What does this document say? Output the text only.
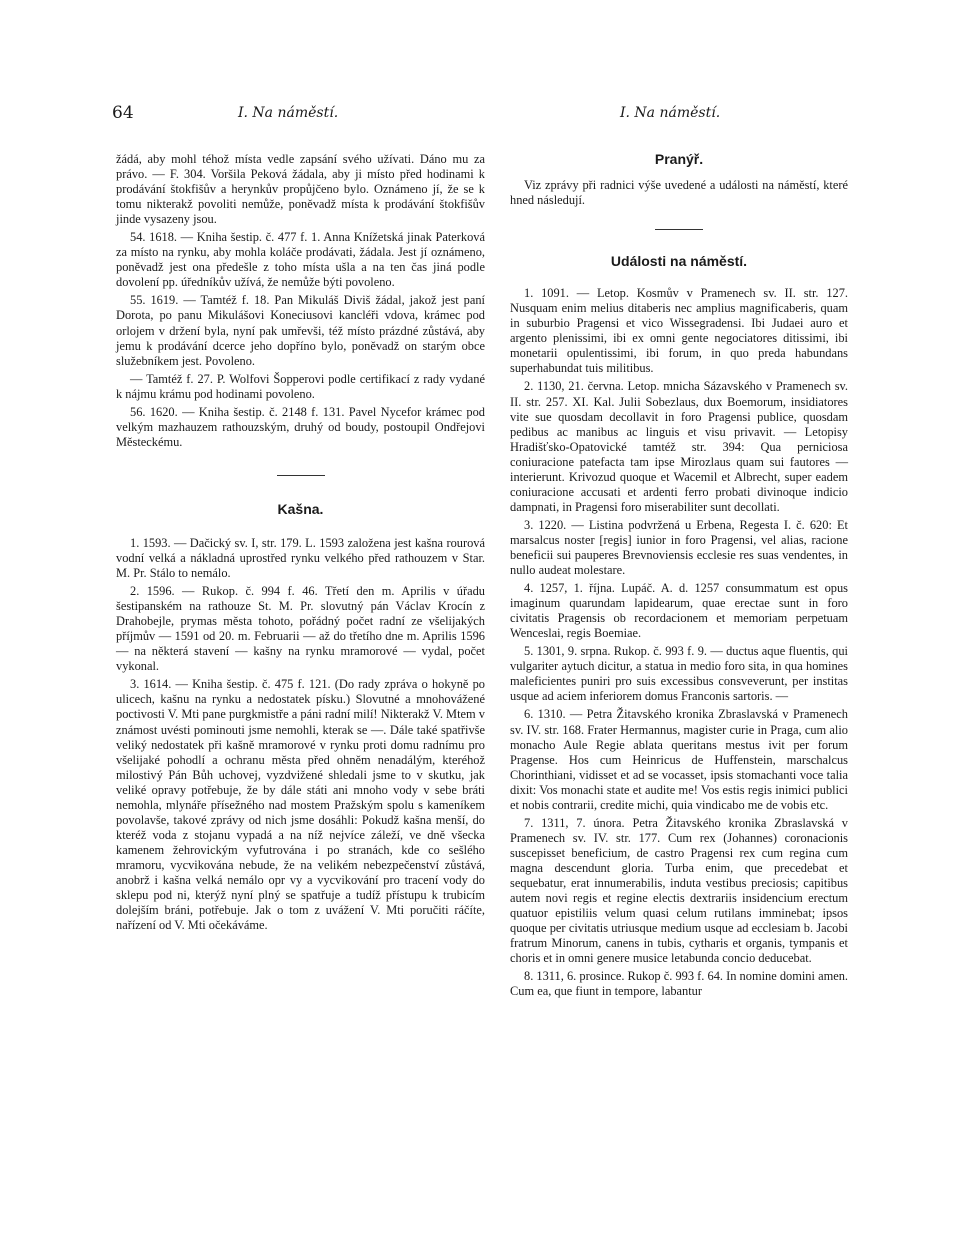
64	I. Na náměstí.	I. Na náměstí.

žádá, aby mohl téhož místa vedle zapsání svého užívati. Dáno mu za právo. — F. 304. Voršila Peková žádala, aby ji místo před hodinami k prodávání štokfišův a herynkův propůjčeno bylo. Oznámeno jí, že se k tomu nikterakž povoliti nemůže, poněvadž místa k prodávání štokfišův jinde vysazeny jsou.

54. 1618. — Kniha šestip. č. 477 f. 1. Anna Knížetská jinak Paterková za místo na rynku, aby mohla koláče prodávati, žádala. Jest jí oznámeno, poněvadž jest ona předešle z toho místa ušla a na ten čas jiná podle dovolení pp. úředníkův užívá, že nemůže býti povoleno.

55. 1619. — Tamtéž f. 18. Pan Mikuláš Diviš žádal, jakož jest paní Dorota, po panu Mikulášovi Koneciusovi kancléři vdova, krámec pod orlojem v držení byla, nyní pak umřevši, též místo prázdné zůstává, aby jemu k prodávání dcerce jeho dopříno bylo, poněvadž on starým obce služebníkem jest. Povoleno.

— Tamtéž f. 27. P. Wolfovi Šopperovi podle certifikací z rady vydané k nájmu krámu pod hodinami povoleno.

56. 1620. — Kniha šestip. č. 2148 f. 131. Pavel Nycefor krámec pod velkým mazhauzem rathouzským, druhý od boudy, postoupil Ondřejovi Městeckému.

Kašna.

1. 1593. — Dačický sv. I, str. 179. L. 1593 založena jest kašna rourová vodní velká a nákladná uprostřed rynku velkého před rathouzem v Star. M. Pr. Stálo to nemálo.

2. 1596. — Rukop. č. 994 f. 46. Třetí den m. Aprilis v úřadu šestipanském na rathouze St. M. Pr. slovutný pán Václav Krocín z Drahobejle, prymas města tohoto, pořádný počet radní ze všelijakých příjmův — 1591 od 20. m. Februarii — až do třetího dne m. Aprilis 1596 — na některá stavení — kašny na rynku mramorové — vydal, počet vykonal.

3. 1614. — Kniha šestip. č. 475 f. 121. (Do rady zpráva o hokyně po ulicech, kašnu na rynku a nedostatek písku.) Slovutné a mnohovážené poctivosti V. Mti pane purgkmistře a páni radní milí! Nikterakž V. Mtem v známost uvésti pominouti jsme nemohli, kterak se —. Dále také spatřivše veliký nedostatek při kašně mramorové v rynku proti domu radnímu pro všelijaké pohodlí a ochranu města před ohněm nenadálým, kteréhož milostivý Pán Bůh uchovej, vyzdvižené shledali jsme to v skutku, jak veliké opravy potřebuje, že by dále státi ani mnoho vody v sebe bráti nemohla, mlynáře přísežného nad mostem Pražským spolu s kameníkem povolavše, takové zprávy od nich jsme dosáhli: Pokudž kašna menší, do kteréž voda z stojanu vypadá a na níž nejvíce záleží, ve dně všecka kamenem žehrovickým vyfutrována i po stranách, kde co sešlého mramoru, vycvikována nebude, že na velikém nebezpečenství zůstává, anobrž i kašna velká nemálo opr vy a vycvikování pro tracení vody do sklepu pod ni, kterýž nyní plný se spatřuje a tudíž přístupu k trubicím dolejším bráni, potřebuje. Jak o tom z uvážení V. Mti poručiti ráčíte, nařízení od V. Mti očekáváme.

Pranýř.

Viz zprávy při radnici výše uvedené a události na náměstí, které hned následují.

Události na náměstí.

1. 1091. — Letop. Kosmův v Pramenech sv. II. str. 127. Nusquam enim melius ditaberis nec amplius magnificaberis, quam in suburbio Pragensi et vico Wissegradensi. Ibi Judaei auro et argento plenissimi, ibi ex omni gente negociatores ditissimi, ibi monetarii opulentissimi, ibi forum, in quo preda habundans superhabundat tuis militibus.

2. 1130, 21. června. Letop. mnicha Sázavského v Pramenech sv. II. str. 257. XI. Kal. Julii Sobezlaus, dux Boemorum, insidiatores vite sue quosdam decollavit in foro Pragensi publice, quosdam pedibus ac manibus ac linguis et visu privavit. — Letopisy Hradišťsko-Opatovické tamtéž str. 394: Qua perniciosa coniuracione patefacta tam ipse Mirozlaus quam sui fautores — interierunt. Krivozud quoque et Wacemil et Albrecht, super eadem coniuracione accusati et ardenti ferro probati divinoque indicio dampnati, in Pragensi foro miserabiliter sunt decollati.

3. 1220. — Listina podvržená u Erbena, Regesta I. č. 620: Et marsalcus noster [regis] iunior in foro Pragensi, vel alias, racione beneficii sui pauperes Brevnoviensis ecclesie res suas vendentes, in nullo audeat molestare.

4. 1257, 1. října. Lupáč. A. d. 1257 consummatum est opus imaginum quarundam lapidearum, quae erectae sunt in foro civitatis Pragensis ob recordacionem et memoriam perpetuam Wenceslai, regis Boemiae.

5. 1301, 9. srpna. Rukop. č. 993 f. 9. — ductus aque fluentis, qui vulgariter aytuch dicitur, a statua in medio foro sita, in qua homines maleficientes puniri pro suis excessibus consveverunt, per institas usque ad aciem inferiorem domus Franconis sartoris. —

6. 1310. — Petra Žitavského kronika Zbraslavská v Pramenech sv. IV. str. 168. Frater Hermannus, magister curie in Praga, cum alio monacho Aule Regie ablata queritans mestus ivit per forum Pragense. Hos cum Heinricus de Huffenstein, marschalcus Chorinthiani, vidisset et ad se vocasset, ipsis stomachanti voce talia dixit: Vos monachi state et audite me! Vos estis regis inimici publici et nobis contrarii, credite michi, quia vindicabo me de vobis etc.

7. 1311, 7. února. Petra Žitavského kronika Zbraslavská v Pramenech sv. IV. str. 177. Cum rex (Johannes) coronacionis suscepisset beneficium, de castro Pragensi rex cum regina cum magna descendunt gloria. Turba enim, que precedebat et sequebatur, erat innumerabilis, induta vestibus preciosis; capitibus autem novi regis et regine electis dextrariis insidencium erectum quatuor epistiliis velum quasi celum rutilans imminebat; ipsos quoque per civitatis utriusque medium usque ad ecclesiam b. Jacobi fratrum Minorum, canens in tubis, cytharis et organis, tympanis et choris et in omni genere musice letabunda concio deducebat.

8. 1311, 6. prosince. Rukop č. 993 f. 64. In nomine domini amen. Cum ea, que fiunt in tempore, labantur
